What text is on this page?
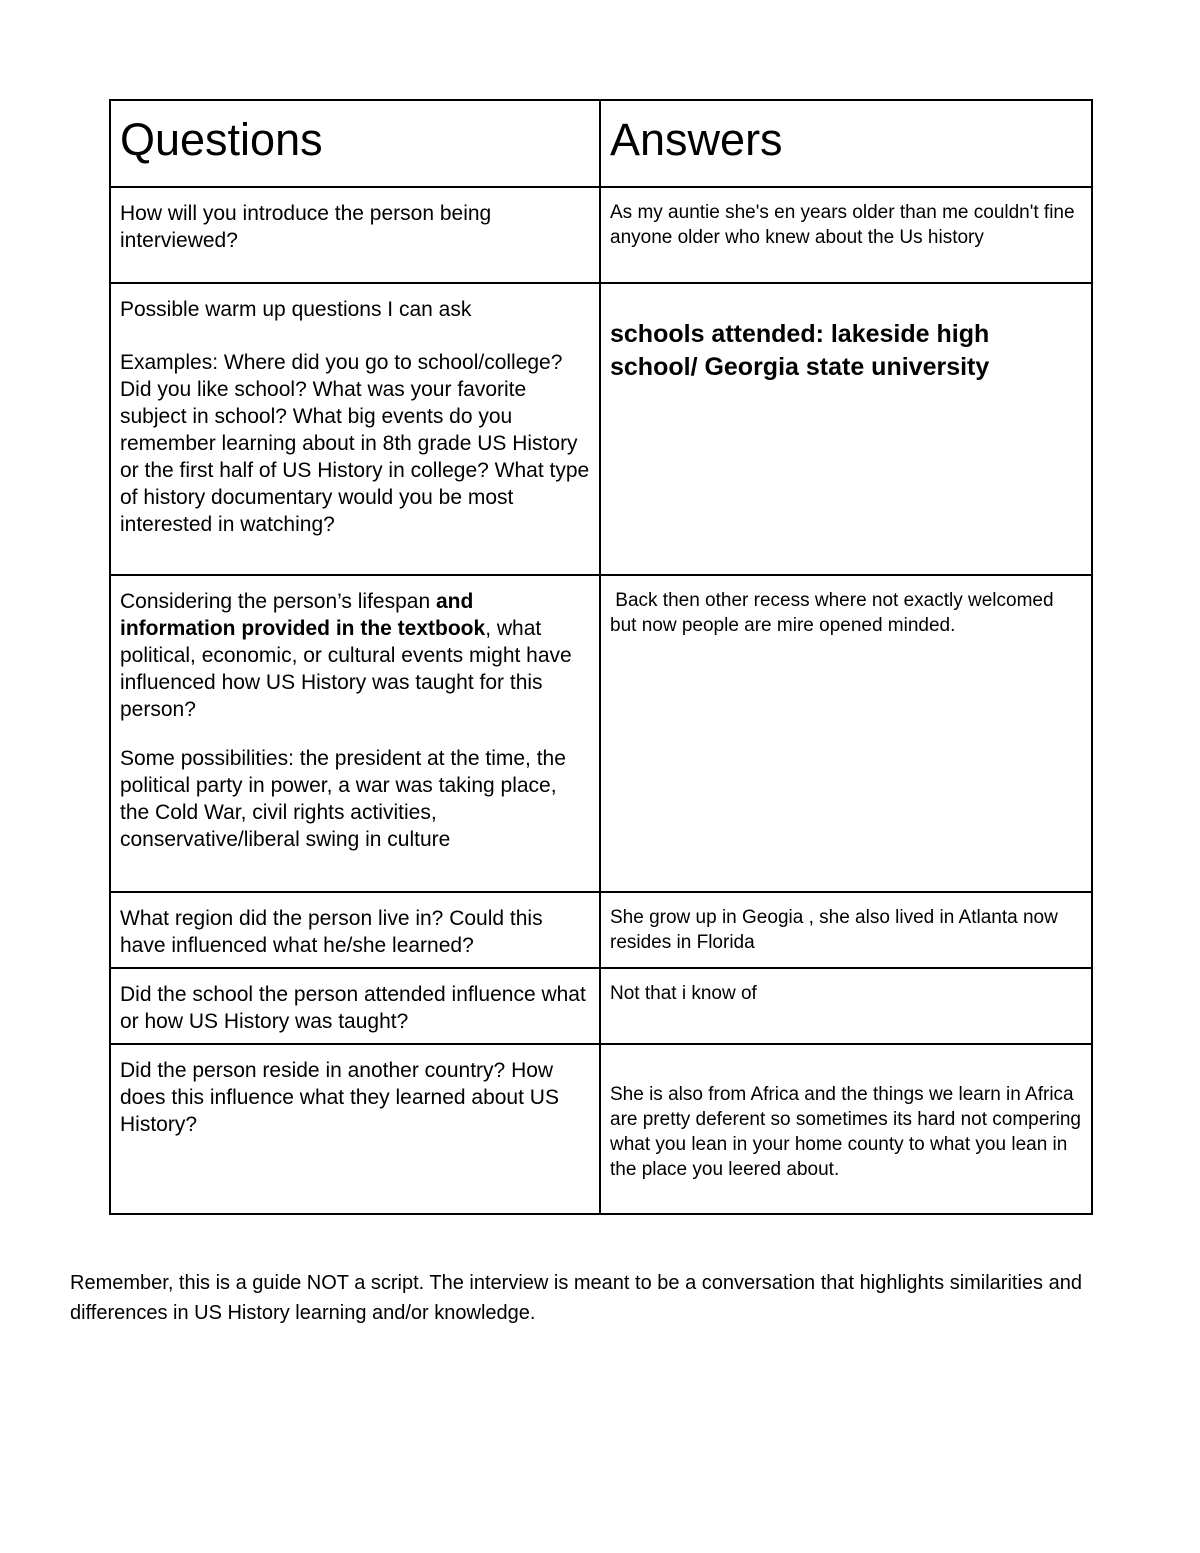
Questions	Answers

How will you introduce the person being interviewed?	As my auntie she's en years older than me couldn't fine anyone older who knew about the Us history

Possible warm up questions I can ask

Examples: Where did you go to school/college? Did you like school? What was your favorite subject in school? What big events do you remember learning about in 8th grade US History or the first half of US History in college? What type of history documentary would you be most interested in watching?	schools attended: lakeside high school/ Georgia state university

Considering the person’s lifespan and information provided in the textbook, what political, economic, or cultural events might have influenced how US History was taught for this person?

Some possibilities: the president at the time, the political party in power, a war was taking place, the Cold War, civil rights activities, conservative/liberal swing in culture	Back then other recess where not exactly welcomed but now people are mire opened minded.

What region did the person live in? Could this have influenced what he/she learned?	She grow up in Geogia , she also lived in Atlanta now resides in Florida

Did the school the person attended influence what or how US History was taught?	Not that i know of

Did the person reside in another country? How does this influence what they learned about US History?	She is also from Africa and the things we learn in Africa are pretty deferent so sometimes its hard not compering what you lean in your home county to what you lean in the place you leered about.

Remember, this is a guide NOT a script. The interview is meant to be a conversation that highlights similarities and differences in US History learning and/or knowledge.
